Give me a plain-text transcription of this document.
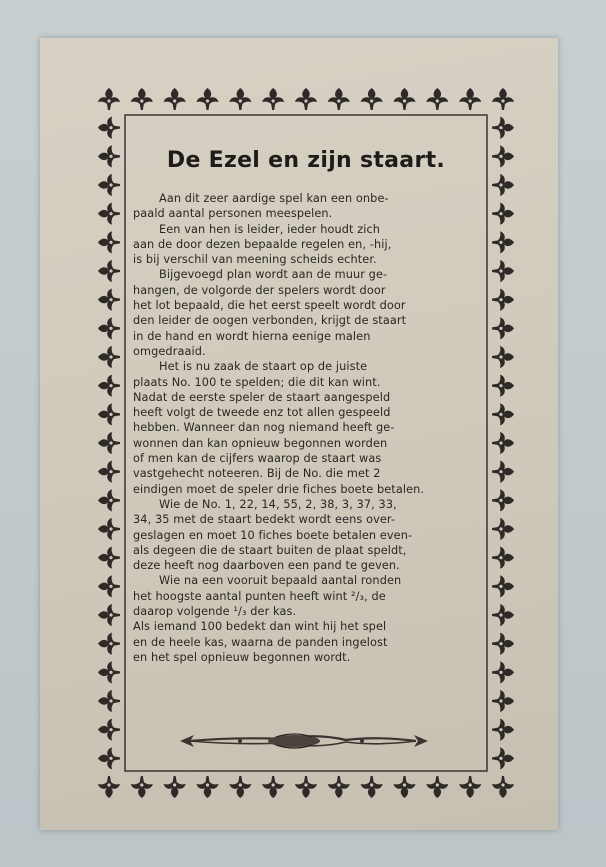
De Ezel en zijn staart.
Aan dit zeer aardige spel kan een onbe-
paald aantal personen meespelen.
Een van hen is leider, ieder houdt zich
aan de door dezen bepaalde regelen en, -hij,
is bij verschil van meening scheids echter.
Bijgevoegd plan wordt aan de muur ge-
hangen, de volgorde der spelers wordt door
het lot bepaald, die het eerst speelt wordt door
den leider de oogen verbonden, krijgt de staart
in de hand en wordt hierna eenige malen
omgedraaid.
Het is nu zaak de staart op de juiste
plaats No. 100 te spelden; die dit kan wint.
Nadat de eerste speler de staart aangespeld
heeft volgt de tweede enz tot allen gespeeld
hebben. Wanneer dan nog niemand heeft ge-
wonnen dan kan opnieuw begonnen worden
of men kan de cijfers waarop de staart was
vastgehecht noteeren. Bij de No. die met 2
eindigen moet de speler drie fiches boete betalen.
Wie de No. 1, 22, 14, 55, 2, 38, 3, 37, 33,
34, 35 met de staart bedekt wordt eens over-
geslagen en moet 10 fiches boete betalen even-
als degeen die de staart buiten de plaat speldt,
deze heeft nog daarboven een pand te geven.
Wie na een vooruit bepaald aantal ronden
het hoogste aantal punten heeft wint ²/₃, de
daarop volgende ¹/₃ der kas.
Als iemand 100 bedekt dan wint hij het spel
en de heele kas, waarna de panden ingelost
en het spel opnieuw begonnen wordt.
